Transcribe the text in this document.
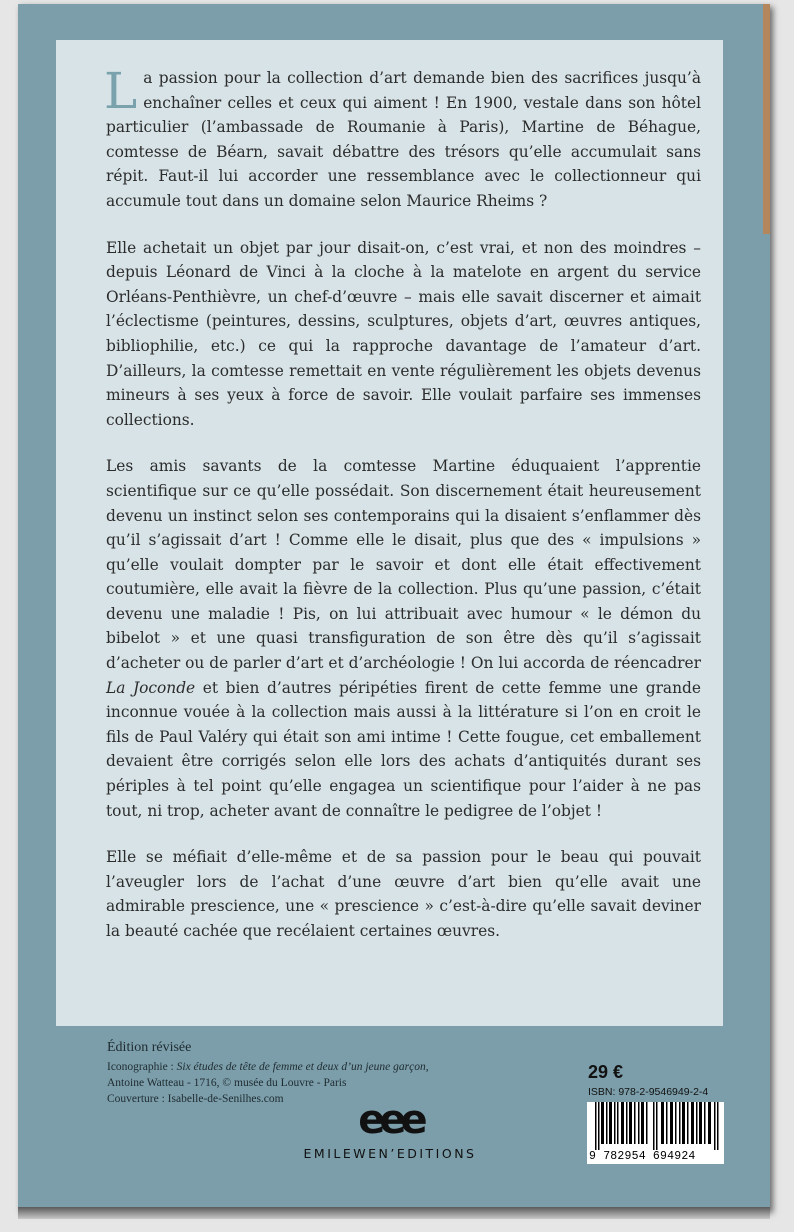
La passion pour la collection d’art demande bien des sacrifices jusqu’à enchaîner celles et ceux qui aiment ! En 1900, vestale dans son hôtel particulier (l’ambassade de Roumanie à Paris), Martine de Béhague, comtesse de Béarn, savait débattre des trésors qu’elle accumulait sans répit. Faut-il lui accorder une ressemblance avec le collectionneur qui accumule tout dans un domaine selon Maurice Rheims ?

Elle achetait un objet par jour disait-on, c’est vrai, et non des moindres – depuis Léonard de Vinci à la cloche à la matelote en argent du service Orléans-Penthièvre, un chef-d’œuvre – mais elle savait discerner et aimait l’éclectisme (peintures, dessins, sculptures, objets d’art, œuvres antiques, bibliophilie, etc.) ce qui la rapproche davantage de l’amateur d’art. D’ailleurs, la comtesse remettait en vente régulièrement les objets devenus mineurs à ses yeux à force de savoir. Elle voulait parfaire ses immenses collections.

Les amis savants de la comtesse Martine éduquaient l’apprentie scientifique sur ce qu’elle possédait. Son discernement était heureusement devenu un instinct selon ses contemporains qui la disaient s’enflammer dès qu’il s’agissait d’art ! Comme elle le disait, plus que des « impulsions » qu’elle voulait dompter par le savoir et dont elle était effectivement coutumière, elle avait la fièvre de la collection. Plus qu’une passion, c’était devenu une maladie ! Pis, on lui attribuait avec humour « le démon du bibelot » et une quasi transfiguration de son être dès qu’il s’agissait d’acheter ou de parler d’art et d’archéologie ! On lui accorda de réencadrer La Joconde et bien d’autres péripéties firent de cette femme une grande inconnue vouée à la collection mais aussi à la littérature si l’on en croit le fils de Paul Valéry qui était son ami intime ! Cette fougue, cet emballement devaient être corrigés selon elle lors des achats d’antiquités durant ses périples à tel point qu’elle engagea un scientifique pour l’aider à ne pas tout, ni trop, acheter avant de connaître le pedigree de l’objet !

Elle se méfiait d’elle-même et de sa passion pour le beau qui pouvait l’aveugler lors de l’achat d’une œuvre d’art bien qu’elle avait une admirable prescience, une « prescience » c’est-à-dire qu’elle savait deviner la beauté cachée que recélaient certaines œuvres.

Édition révisée
Iconographie : Six études de tête de femme et deux d’un jeune garçon,
Antoine Watteau - 1716, © musée du Louvre - Paris
Couverture : Isabelle-de-Senilhes.com	eee
EMILEWEN’EDITIONS
29 €
ISBN: 978-2-9546949-2-4
9 782954 694924
